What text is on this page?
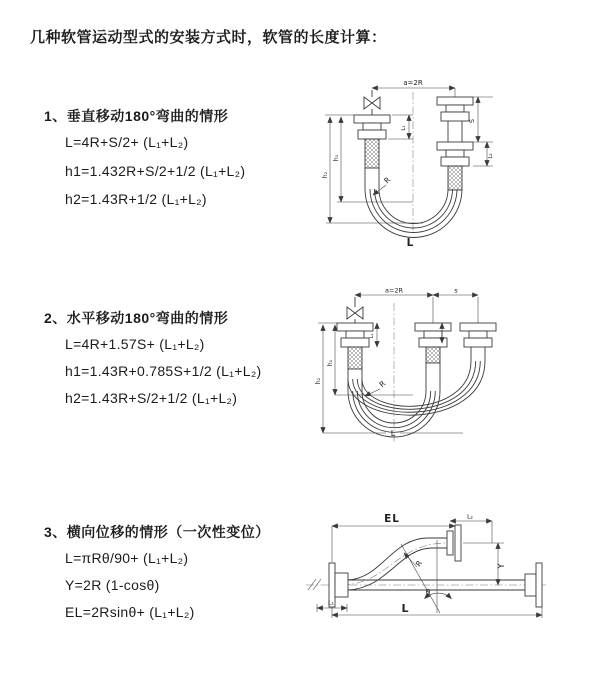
几种软管运动型式的安装方式时，软管的长度计算：
1、垂直移动180°弯曲的情形
L=4R+S/2+ (L₁+L₂)
h1=1.432R+S/2+1/2 (L₁+L₂)
h2=1.43R+1/2 (L₁+L₂)
2、水平移动180°弯曲的情形
L=4R+1.57S+ (L₁+L₂)
h1=1.43R+0.785S+1/2 (L₁+L₂)
h2=1.43R+S/2+1/2 (L₁+L₂)
3、横向位移的情形（一次性变位）
L=πRθ/90+ (L₁+L₂)
Y=2R (1-cosθ)
EL=2Rsinθ+ (L₁+L₂)
a=2R
S
L₂
L₁
h₁
h₂
R
L
a=2R	s
L₁
h₁
h₂	R
L
EL	L₂
Y
L
L₁
R
θ
